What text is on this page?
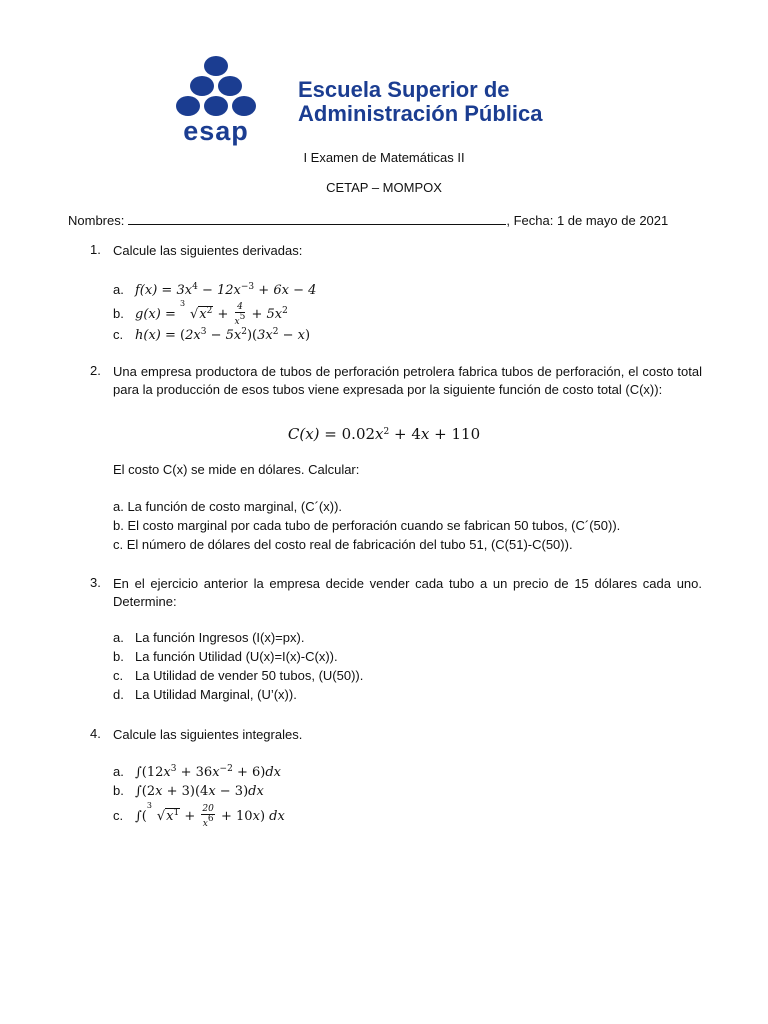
esap
Escuela Superior de
Administración Pública
I Examen de Matemáticas II
CETAP – MOMPOX
Nombres:	, Fecha: 1 de mayo de 2021
1. Calcule las siguientes derivadas:
a. $f(x) = 3x^4 - 12x^{-3} + 6x - 4$
b. g(x) =
3
$√x^2 + \frac{4}{x^5} + 5x^2$
c. $h(x) = (2x^3 - 5x^2)(3x^2 - x)$
2. Una empresa productora de tubos de perforación petrolera fabrica tubos de perforación, el costo total para la producción de esos tubos viene expresada por la siguiente función de costo total (C(x)):
$C(x) = 0.02x^2 + 4x + 110$
El costo C(x) se mide en dólares. Calcular:
a. La función de costo marginal, (C´(x)).
b. El costo marginal por cada tubo de perforación cuando se fabrican 50 tubos, (C´(50)).
c. El número de dólares del costo real de fabricación del tubo 51, (C(51)-C(50)).
3. En el ejercicio anterior la empresa decide vender cada tubo a un precio de 15 dólares cada uno. Determine:
a. La función Ingresos (I(x)=px).
b. La función Utilidad (U(x)=I(x)-C(x)).
c. La Utilidad de vender 50 tubos, (U(50)).
d. La Utilidad Marginal, (U’(x)).
4. Calcule las siguientes integrales.
a. $\int(12x^3 + 36x^{-2} + 6)dx$
b. ∫(2x + 3)(4x − 3)dx
c. ∫(
3
$√x^1 + \frac{20}{x^6} + 10x$) dx
